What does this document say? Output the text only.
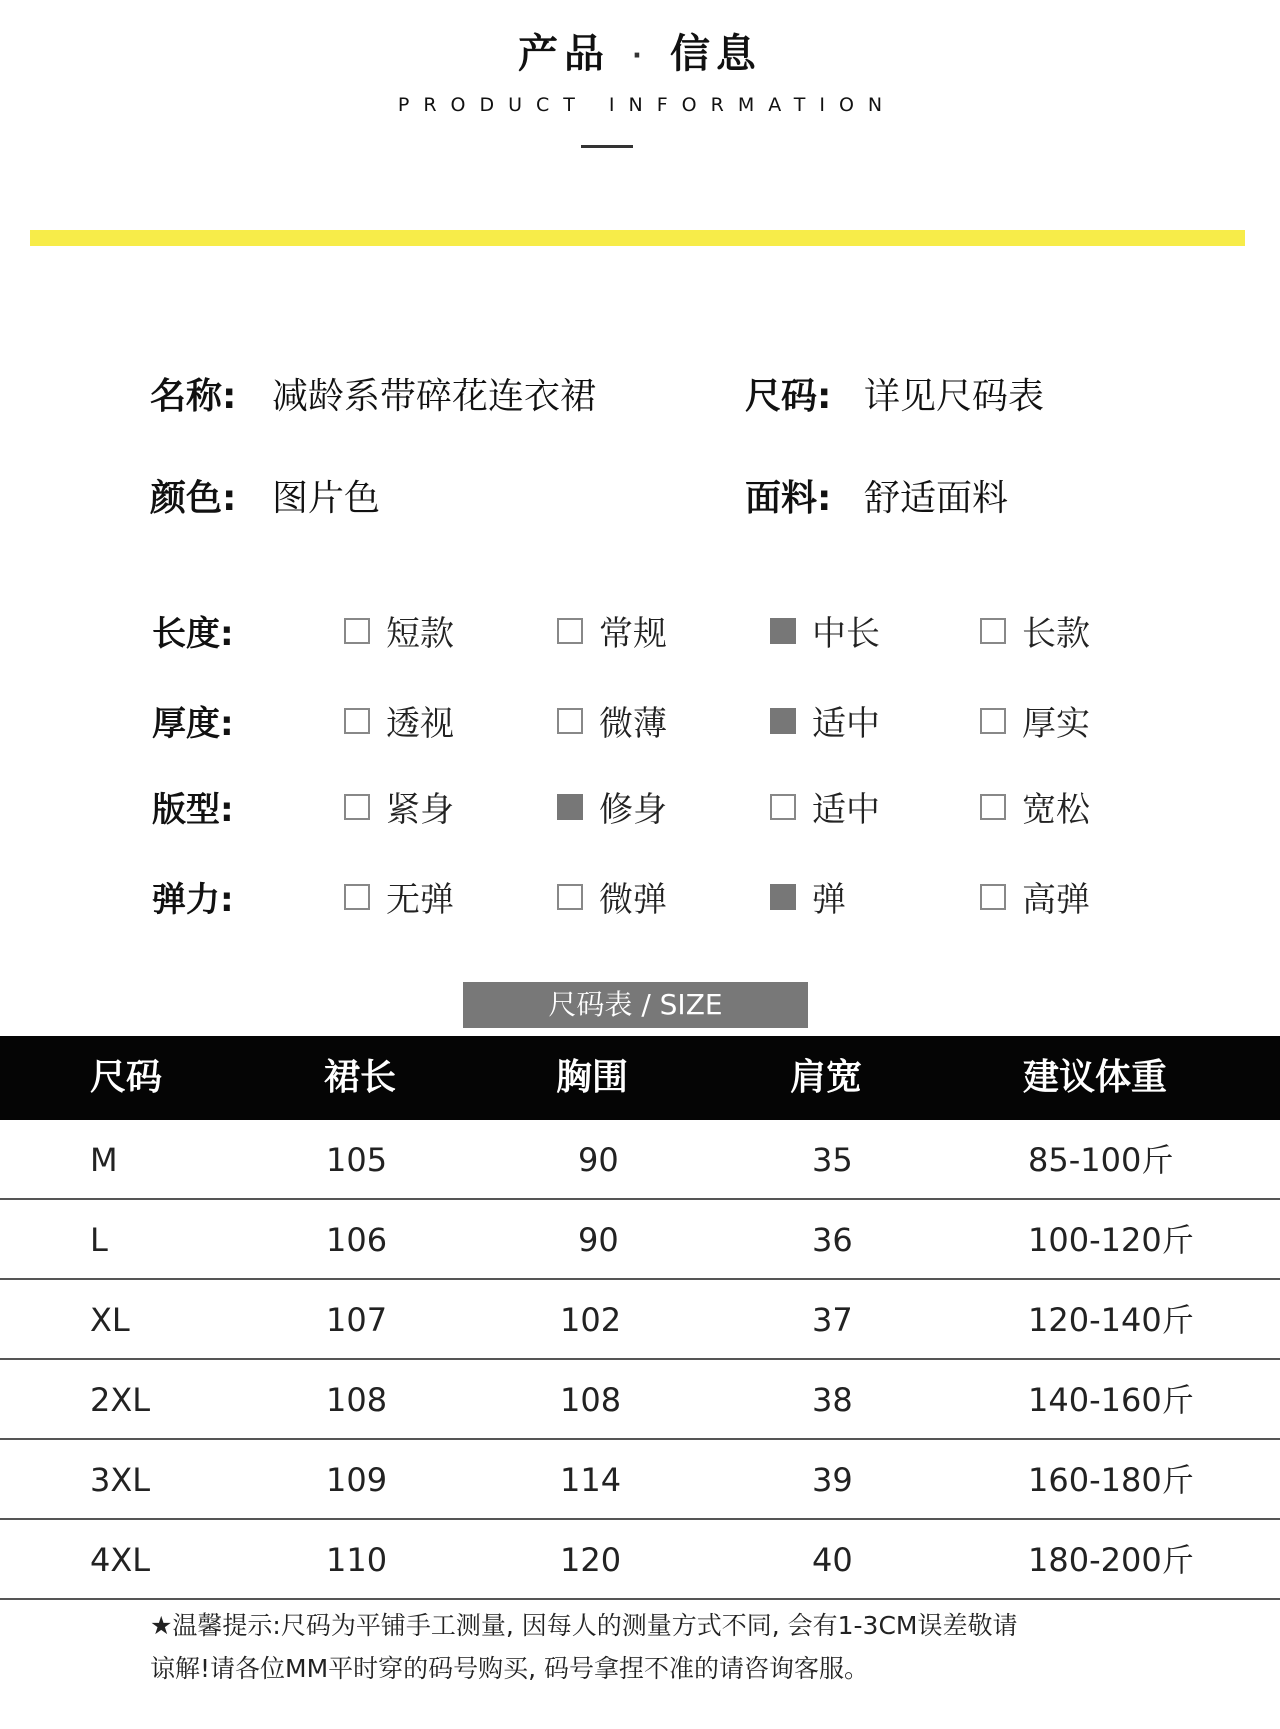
产品 · 信息
PRODUCT INFORMATION
名称: 减龄系带碎花连衣裙	尺码: 详见尺码表
颜色: 图片色	面料: 舒适面料
长度:	短款	常规	中长	长款
厚度:	透视	微薄	适中	厚实
版型:	紧身	修身	适中	宽松
弹力:	无弹	微弹	弹	高弹
尺码表 / SIZE
尺码	裙长	胸围	肩宽	建议体重
M	105	90	35	85-100斤
L	106	90	36	100-120斤
XL	107	102	37	120-140斤
2XL	108	108	38	140-160斤
3XL	109	114	39	160-180斤
4XL	110	120	40	180-200斤
★温馨提示:尺码为平铺手工测量, 因每人的测量方式不同, 会有1-3CM误差敬请
谅解!请各位MM平时穿的码号购买, 码号拿捏不准的请咨询客服。
